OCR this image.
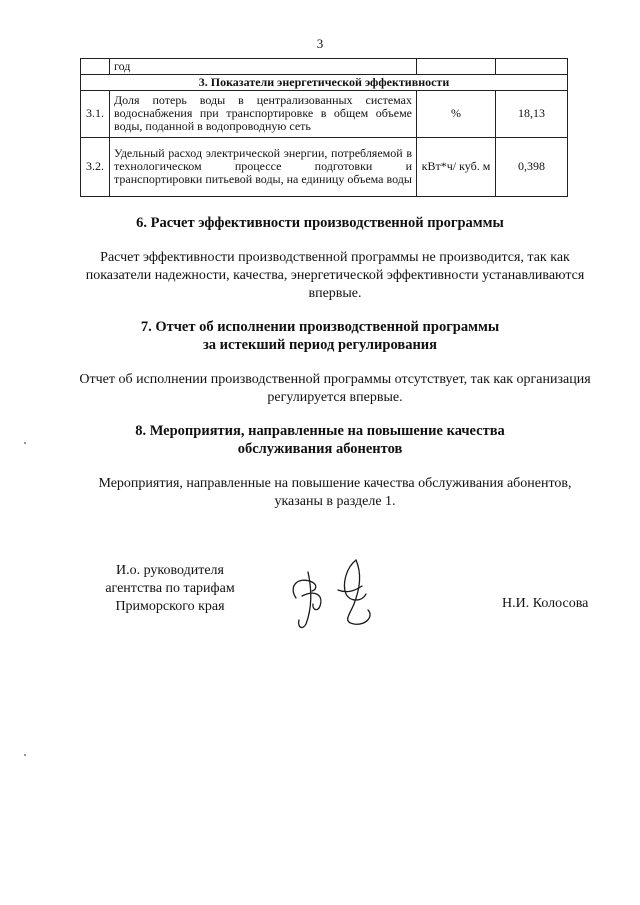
3
	год		
3. Показатели энергетической эффективности			
3.1.	Доля потерь воды в централизованных системах водоснабжения при транспортировке в общем объеме воды, поданной в водопроводную сеть	%	18,13
3.2.	Удельный расход электрической энергии, потребляемой в технологическом процессе подготовки и транспортировки питьевой воды, на единицу объема воды	кВт*ч/ куб. м	0,398
6. Расчет эффективности производственной программы

Расчет эффективности производственной программы не производится, так как показатели надежности, качества, энергетической эффективности устанавливаются впервые.

7. Отчет об исполнении производственной программы
за истекший период регулирования

Отчет об исполнении производственной программы отсутствует, так как организация регулируется впервые.

8. Мероприятия, направленные на повышение качества
обслуживания абонентов

Мероприятия, направленные на повышение качества обслуживания абонентов, указаны в разделе 1.

И.о. руководителя
агентства по тарифам
Приморского края	Н.И. Колосова
